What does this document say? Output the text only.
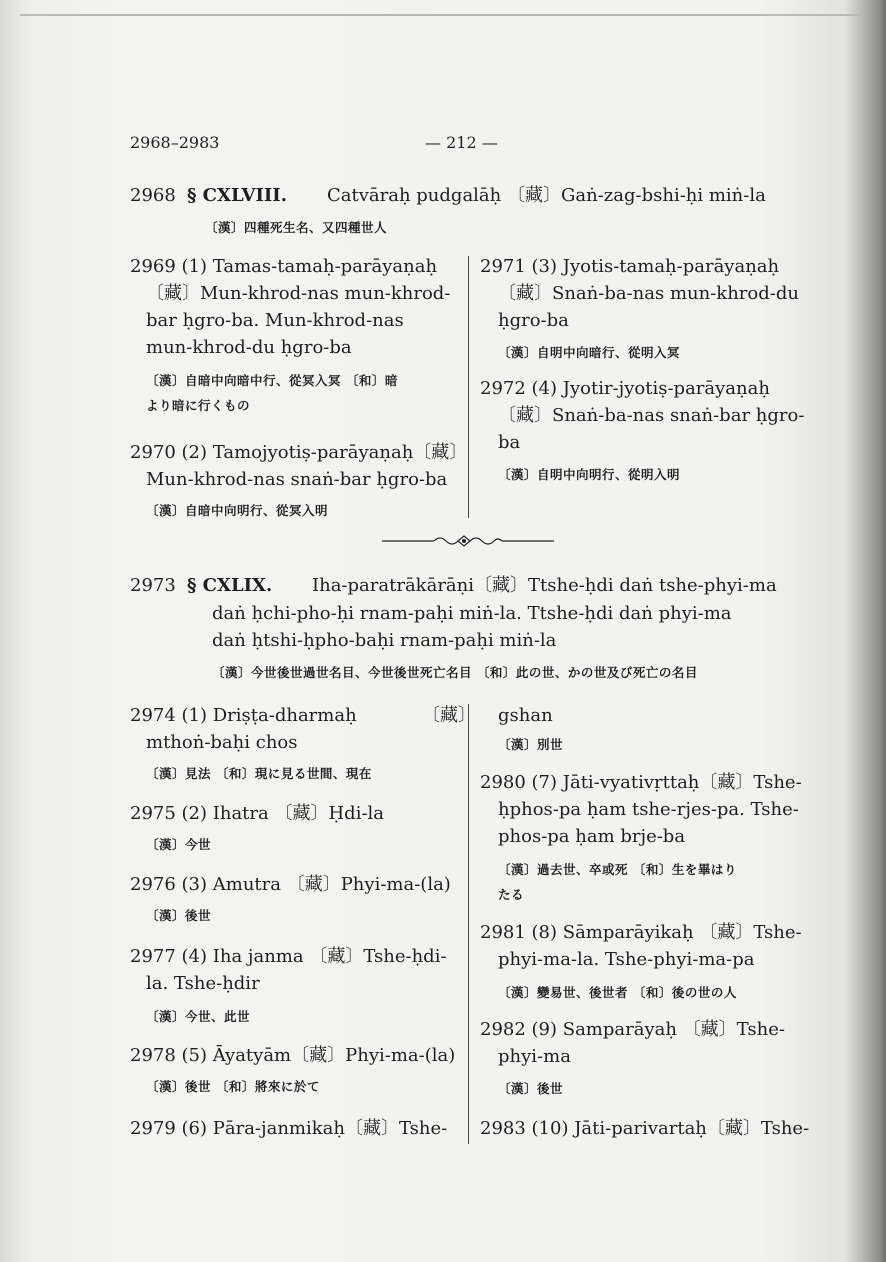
2968–2983	— 212 —
2968 § CXLVIII. Catvāraḥ pudgalāḥ 〔藏〕Gaṅ-zag-bshi-ḥi miṅ-la
〔漢〕四種死生名、又四種世人
2969 (1) Tamas-tamaḥ-parāyaṇaḥ
〔藏〕Mun-khrod-nas mun-khrod-
bar ḥgro-ba. Mun-khrod-nas
mun-khrod-du ḥgro-ba
〔漢〕自暗中向暗中行、從冥入冥 〔和〕暗
より暗に行くもの
2970 (2) Tamojyotiṣ-parāyaṇaḥ〔藏〕
Mun-khrod-nas snaṅ-bar ḥgro-ba
〔漢〕自暗中向明行、從冥入明
2971 (3) Jyotis-tamaḥ-parāyaṇaḥ
〔藏〕Snaṅ-ba-nas mun-khrod-du
ḥgro-ba
〔漢〕自明中向暗行、從明入冥
2972 (4) Jyotir-jyotiṣ-parāyaṇaḥ
〔藏〕Snaṅ-ba-nas snaṅ-bar ḥgro-
ba
〔漢〕自明中向明行、從明入明
2973 § CXLIX. Iha-paratrākārāṇi〔藏〕Ttshe-ḥdi daṅ tshe-phyi-ma
daṅ ḥchi-pho-ḥi rnam-paḥi miṅ-la. Ttshe-ḥdi daṅ phyi-ma
daṅ ḥtshi-ḥpho-baḥi rnam-paḥi miṅ-la
〔漢〕今世後世過世名目、今世後世死亡名目 〔和〕此の世、かの世及び死亡の名目
2974 (1) Driṣṭa-dharmaḥ	〔藏〕
mthoṅ-baḥi chos
〔漢〕見法 〔和〕現に見る世間、現在
2975 (2) Ihatra 〔藏〕Ḥdi-la
〔漢〕今世
2976 (3) Amutra 〔藏〕Phyi-ma-(la)
〔漢〕後世
2977 (4) Iha janma 〔藏〕Tshe-ḥdi-
la. Tshe-ḥdir
〔漢〕今世、此世
2978 (5) Āyatyām〔藏〕Phyi-ma-(la)
〔漢〕後世 〔和〕將來に於て
2979 (6) Pāra-janmikaḥ〔藏〕Tshe-
gshan
〔漢〕別世
2980 (7) Jāti-vyativṛttaḥ〔藏〕Tshe-
ḥphos-pa ḥam tshe-rjes-pa. Tshe-
phos-pa ḥam brje-ba
〔漢〕過去世、卒或死 〔和〕生を畢はり
たる
2981 (8) Sāmparāyikaḥ 〔藏〕Tshe-
phyi-ma-la. Tshe-phyi-ma-pa
〔漢〕變易世、後世者 〔和〕後の世の人
2982 (9) Samparāyaḥ 〔藏〕Tshe-
phyi-ma
〔漢〕後世
2983 (10) Jāti-parivartaḥ〔藏〕Tshe-
